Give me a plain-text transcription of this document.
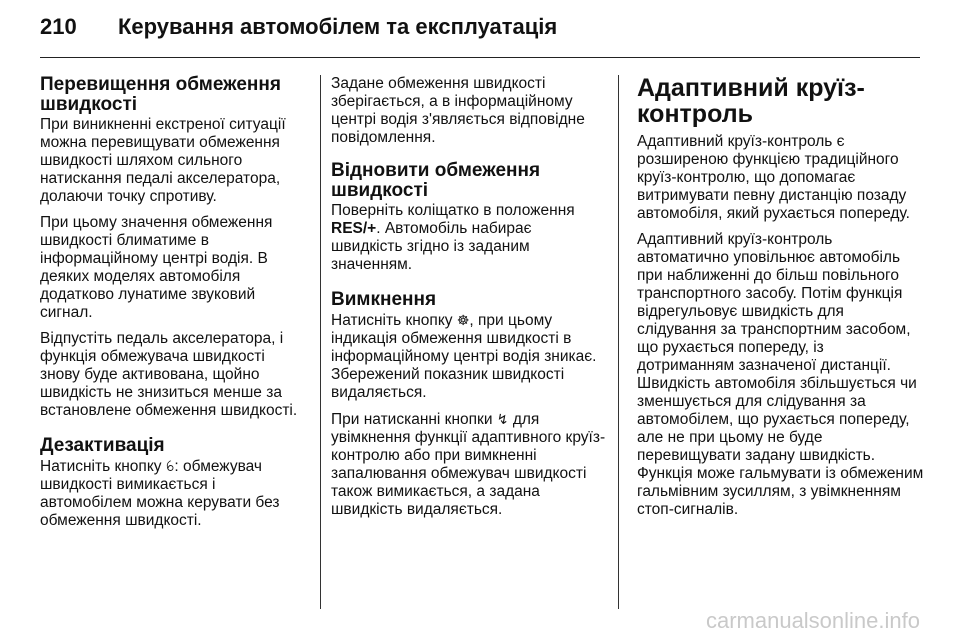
210	Керування автомобілем та експлуатація
Перевищення обмеження швидкості

При виникненні екстреної ситуації можна перевищувати обмеження швидкості шляхом сильного натискання педалі акселератора, долаючи точку спротиву.

При цьому значення обмеження швидкості блиматиме в інформаційному центрі водія. В деяких моделях автомобіля додатково лунатиме звуковий сигнал.

Відпустіть педаль акселератора, і функція обмежувача швидкості знову буде активована, щойно швидкість не знизиться менше за встановлене обмеження швидкості.

Дезактивація

Натисніть кнопку ꕃ: обмежувач швидкості вимикається і автомобілем можна керувати без обмеження швидкості.

Задане обмеження швидкості зберігається, а в інформаційному центрі водія з'являється відповідне повідомлення.

Відновити обмеження швидкості

Поверніть коліщатко в положення RES/+. Автомобіль набирає швидкість згідно із заданим значенням.

Вимкнення

Натисніть кнопку ☸, при цьому індикація обмеження швидкості в інформаційному центрі водія зникає. Збережений показник швидкості видаляється.

При натисканні кнопки ↯ для увімкнення функції адаптивного круїз-контролю або при вимкненні запалювання обмежувач швидкості також вимикається, а задана швидкість видаляється.

Адаптивний круїз-контроль

Адаптивний круїз-контроль є розширеною функцією традиційного круїз-контролю, що допомагає витримувати певну дистанцію позаду автомобіля, який рухається попереду.

Адаптивний круїз-контроль автоматично уповільнює автомобіль при наближенні до більш повільного транспортного засобу. Потім функція відрегульовує швидкість для слідування за транспортним засобом, що рухається попереду, із дотриманням зазначеної дистанції. Швидкість автомобіля збільшується чи зменшується для слідування за автомобілем, що рухається попереду, але не при цьому не буде перевищувати задану швидкість. Функція може гальмувати із обмеженим гальмівним зусиллям, з увімкненням стоп-сигналів.

carmanualsonline.info
